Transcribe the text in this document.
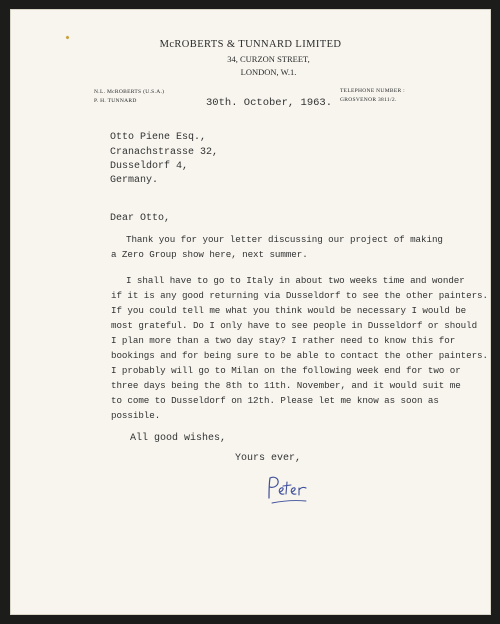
McROBERTS & TUNNARD LIMITED
34, CURZON STREET,
LONDON, W.1.
N.L. McROBERTS (U.S.A.)
P. H. TUNNARD	30th. October, 1963.
TELEPHONE NUMBER :
GROSVENOR 3811/2.
Otto Piene Esq.,
Cranachstrasse 32,
Dusseldorf 4,
Germany.
Dear Otto,
Thank you for your letter discussing our project of making
a Zero Group show here, next summer.
I shall have to go to Italy in about two weeks time and wonder
if it is any good returning via Dusseldorf to see the other painters.
If you could tell me what you think would be necessary I would be
most grateful. Do I only have to see people in Dusseldorf or should
I plan more than a two day stay? I rather need to know this for
bookings and for being sure to be able to contact the other painters.
I probably will go to Milan on the following week end for two or
three days being the 8th to 11th. November, and it would suit me
to come to Dusseldorf on 12th. Please let me know as soon as
possible.
All good wishes,
Yours ever,
